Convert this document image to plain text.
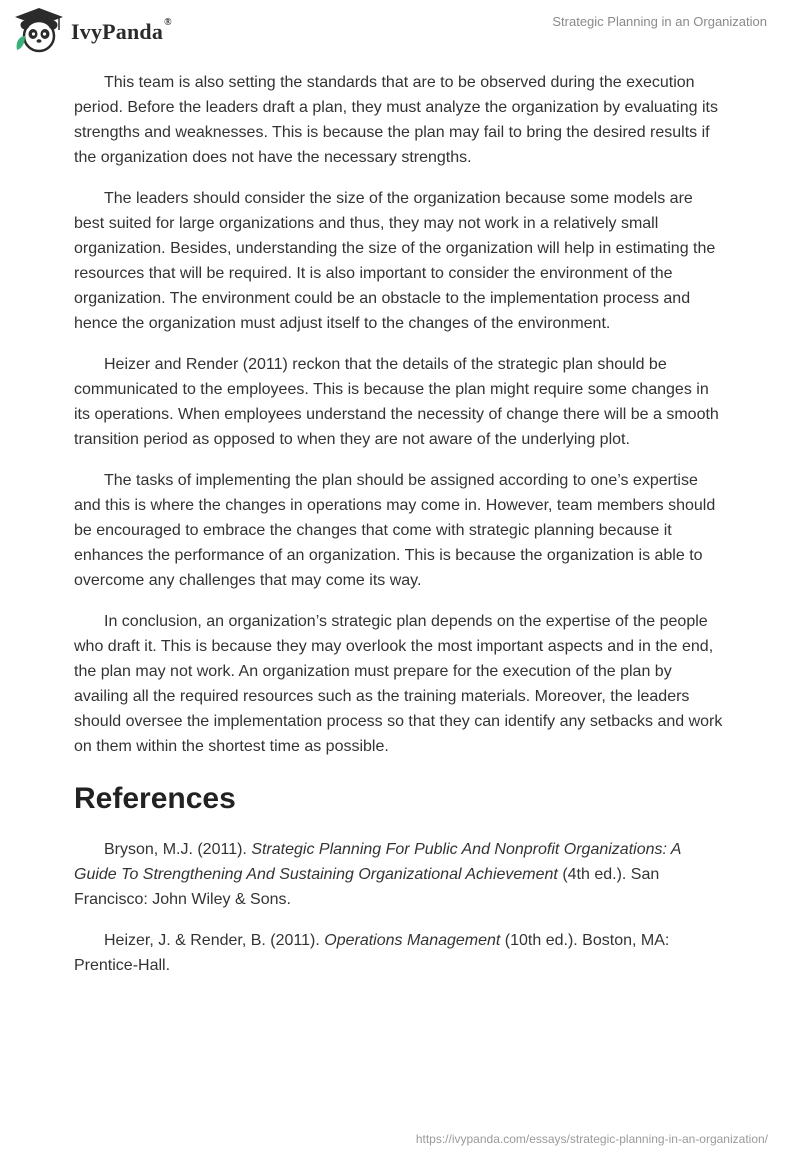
IvyPanda®	Strategic Planning in an Organization

This team is also setting the standards that are to be observed during the execution period. Before the leaders draft a plan, they must analyze the organization by evaluating its strengths and weaknesses. This is because the plan may fail to bring the desired results if the organization does not have the necessary strengths.

The leaders should consider the size of the organization because some models are best suited for large organizations and thus, they may not work in a relatively small organization. Besides, understanding the size of the organization will help in estimating the resources that will be required. It is also important to consider the environment of the organization. The environment could be an obstacle to the implementation process and hence the organization must adjust itself to the changes of the environment.

Heizer and Render (2011) reckon that the details of the strategic plan should be communicated to the employees. This is because the plan might require some changes in its operations. When employees understand the necessity of change there will be a smooth transition period as opposed to when they are not aware of the underlying plot.

The tasks of implementing the plan should be assigned according to one’s expertise and this is where the changes in operations may come in. However, team members should be encouraged to embrace the changes that come with strategic planning because it enhances the performance of an organization. This is because the organization is able to overcome any challenges that may come its way.

In conclusion, an organization’s strategic plan depends on the expertise of the people who draft it. This is because they may overlook the most important aspects and in the end, the plan may not work. An organization must prepare for the execution of the plan by availing all the required resources such as the training materials. Moreover, the leaders should oversee the implementation process so that they can identify any setbacks and work on them within the shortest time as possible.

References

Bryson, M.J. (2011). Strategic Planning For Public And Nonprofit Organizations: A Guide To Strengthening And Sustaining Organizational Achievement (4th ed.). San Francisco: John Wiley & Sons.

Heizer, J. & Render, B. (2011). Operations Management (10th ed.). Boston, MA: Prentice-Hall.

https://ivypanda.com/essays/strategic-planning-in-an-organization/
